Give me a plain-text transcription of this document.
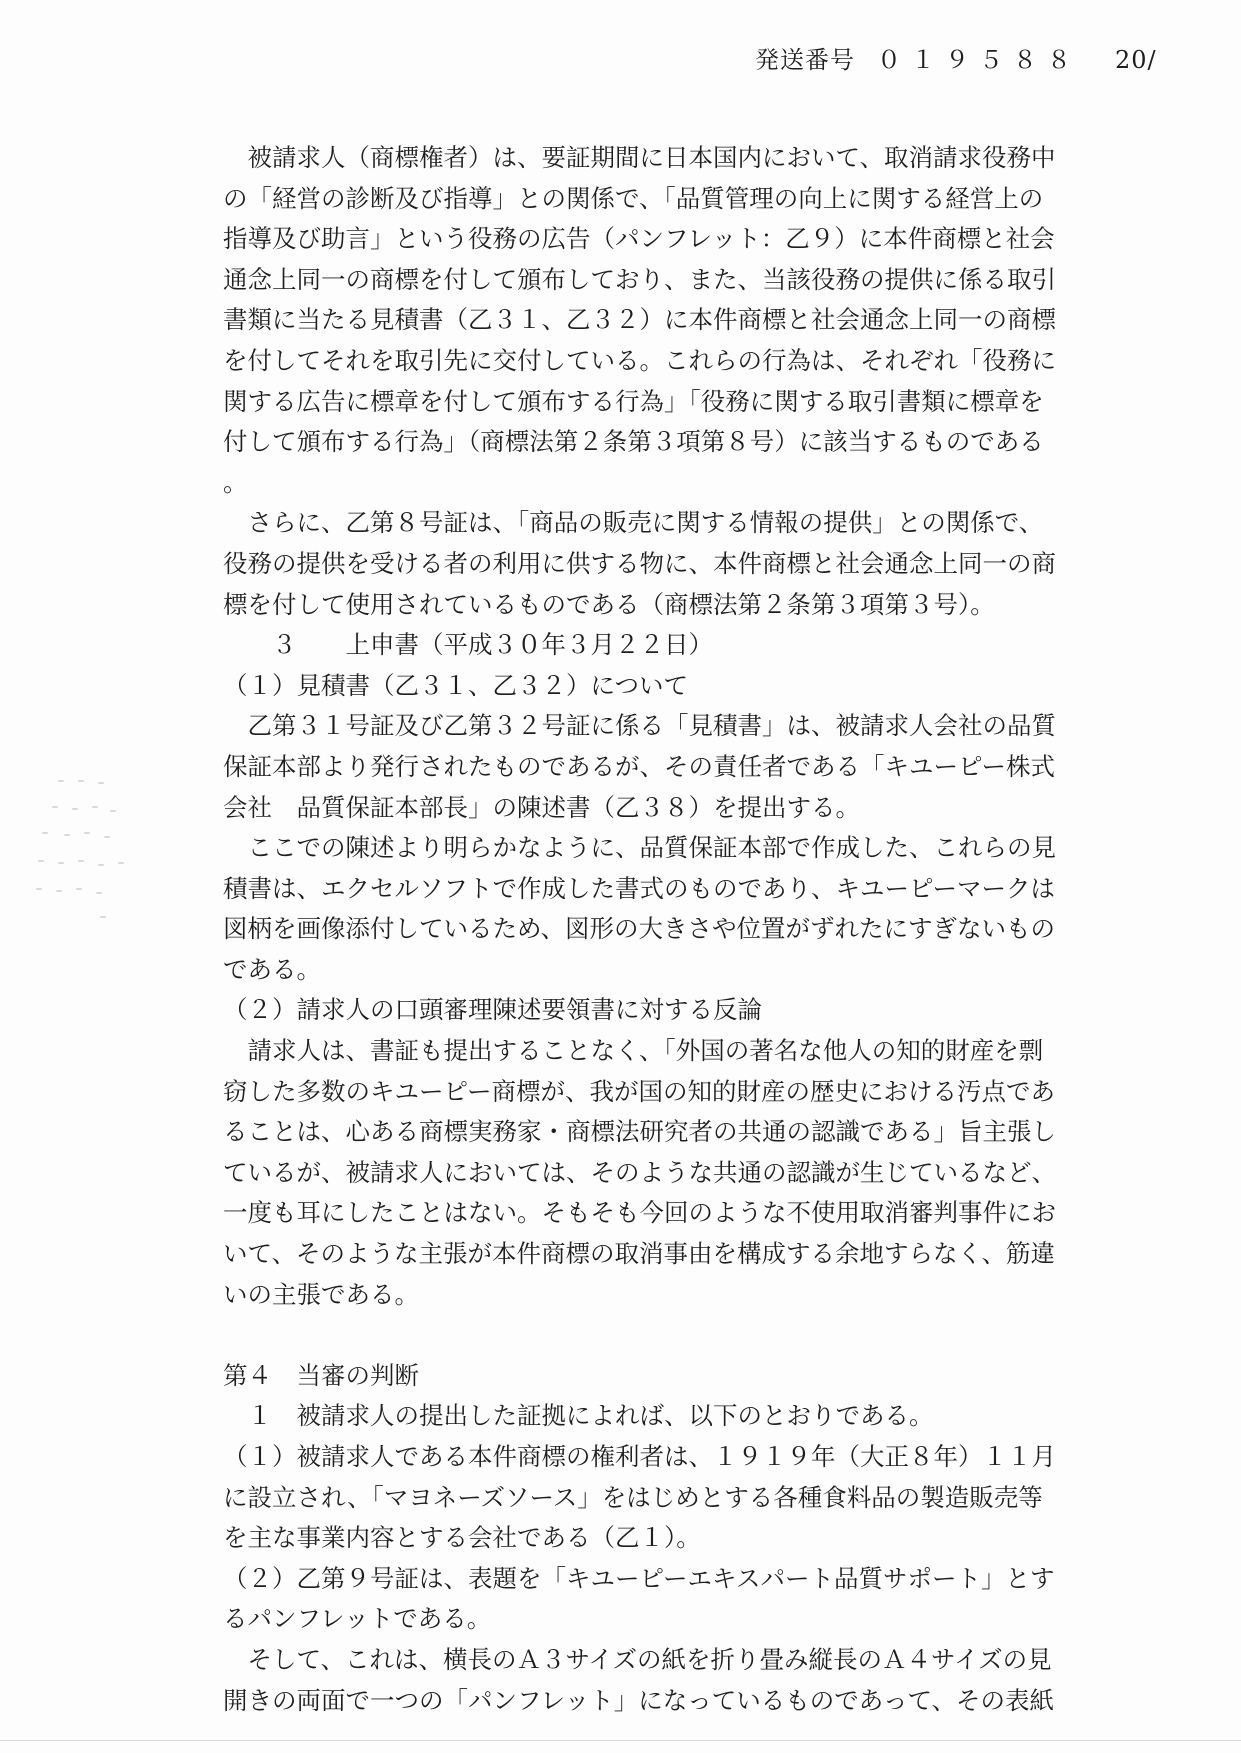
発送番号 ０１９５８８ 20/
　被請求人（商標権者）は、要証期間に日本国内において、取消請求役務中
の「経営の診断及び指導」との関係で、「品質管理の向上に関する経営上の
指導及び助言」という役務の広告（パンフレット：乙９）に本件商標と社会
通念上同一の商標を付して頒布しており、また、当該役務の提供に係る取引
書類に当たる見積書（乙３１、乙３２）に本件商標と社会通念上同一の商標
を付してそれを取引先に交付している。これらの行為は、それぞれ「役務に
関する広告に標章を付して頒布する行為」「役務に関する取引書類に標章を
付して頒布する行為」（商標法第２条第３項第８号）に該当するものである
。
　さらに、乙第８号証は、「商品の販売に関する情報の提供」との関係で、
役務の提供を受ける者の利用に供する物に、本件商標と社会通念上同一の商
標を付して使用されているものである（商標法第２条第３項第３号）。
　　３　　上申書（平成３０年３月２２日）
（１）見積書（乙３１、乙３２）について
　乙第３１号証及び乙第３２号証に係る「見積書」は、被請求人会社の品質
保証本部より発行されたものであるが、その責任者である「キユーピー株式
会社　品質保証本部長」の陳述書（乙３８）を提出する。
　ここでの陳述より明らかなように、品質保証本部で作成した、これらの見
積書は、エクセルソフトで作成した書式のものであり、キユーピーマークは
図柄を画像添付しているため、図形の大きさや位置がずれたにすぎないもの
である。
（２）請求人の口頭審理陳述要領書に対する反論
　請求人は、書証も提出することなく、「外国の著名な他人の知的財産を剽
窃した多数のキユーピー商標が、我が国の知的財産の歴史における汚点であ
ることは、心ある商標実務家・商標法研究者の共通の認識である」旨主張し
ているが、被請求人においては、そのような共通の認識が生じているなど、
一度も耳にしたことはない。そもそも今回のような不使用取消審判事件にお
いて、そのような主張が本件商標の取消事由を構成する余地すらなく、筋違
いの主張である。
第４　当審の判断
　１　被請求人の提出した証拠によれば、以下のとおりである。
（１）被請求人である本件商標の権利者は、１９１９年（大正８年）１１月
に設立され、「マヨネーズソース」をはじめとする各種食料品の製造販売等
を主な事業内容とする会社である（乙１）。
（２）乙第９号証は、表題を「キユーピーエキスパート品質サポート」とす
るパンフレットである。
　そして、これは、横長のＡ３サイズの紙を折り畳み縦長のＡ４サイズの見
開きの両面で一つの「パンフレット」になっているものであって、その表紙
